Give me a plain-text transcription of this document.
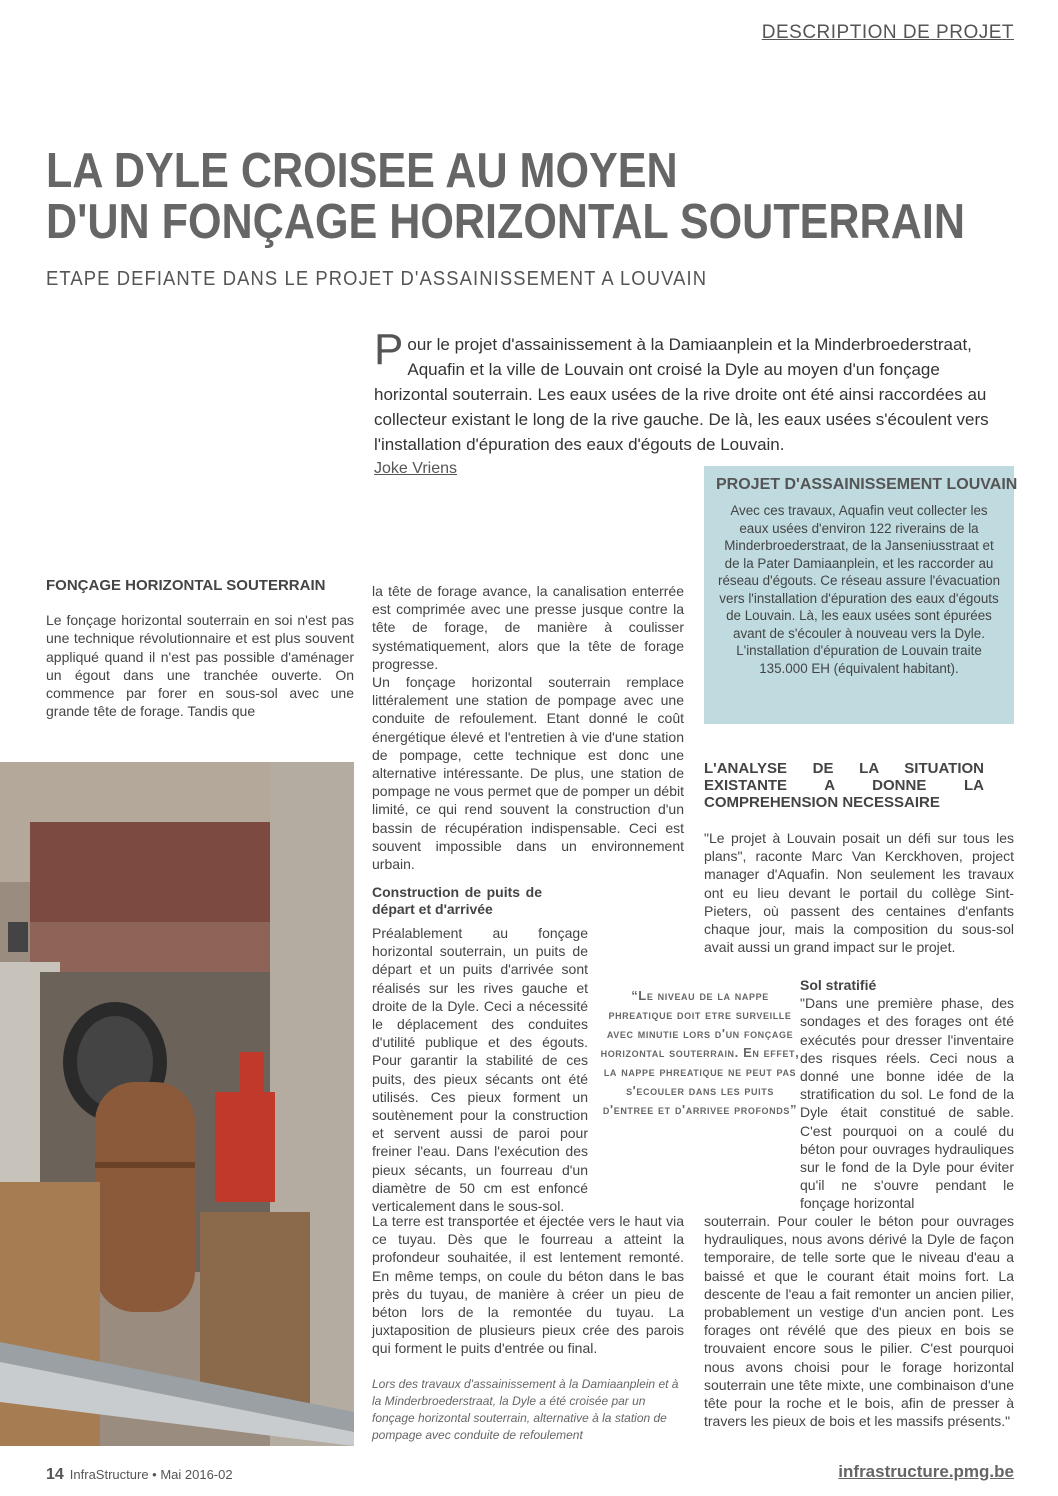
DESCRIPTION DE PROJET
LA DYLE CROISEE AU MOYEN
D'UN FONÇAGE HORIZONTAL SOUTERRAIN
ETAPE DEFIANTE DANS LE PROJET D'ASSAINISSEMENT A LOUVAIN
Pour le projet d'assainissement à la Damiaanplein et la Minderbroederstraat, Aquafin et la ville de Louvain ont croisé la Dyle au moyen d'un fonçage horizontal souterrain. Les eaux usées de la rive droite ont été ainsi raccordées au collecteur existant le long de la rive gauche. De là, les eaux usées s'écoulent vers l'installation d'épuration des eaux d'égouts de Louvain.
Joke Vriens
PROJET D'ASSAINISSEMENT LOUVAIN

Avec ces travaux, Aquafin veut collecter les eaux usées d'environ 122 riverains de la Minderbroederstraat, de la Janseniusstraat et de la Pater Damiaanplein, et les raccorder au réseau d'égouts. Ce réseau assure l'évacuation vers l'installation d'épuration des eaux d'égouts de Louvain. Là, les eaux usées sont épurées avant de s'écouler à nouveau vers la Dyle. L'installation d'épuration de Louvain traite 135.000 EH (équivalent habitant).

FONÇAGE HORIZONTAL SOUTERRAIN

Le fonçage horizontal souterrain en soi n'est pas une technique révolutionnaire et est plus souvent appliqué quand il n'est pas possible d'aménager un égout dans une tranchée ouverte. On commence par forer en sous-sol avec une grande tête de forage. Tandis que

la tête de forage avance, la canalisation enterrée est comprimée avec une presse jusque contre la tête de forage, de manière à coulisser systématiquement, alors que la tête de forage progresse.

Un fonçage horizontal souterrain remplace littéralement une station de pompage avec une conduite de refoulement. Etant donné le coût énergétique élevé et l'entretien à vie d'une station de pompage, cette technique est donc une alternative intéressante. De plus, une station de pompage ne vous permet que de pomper un débit limité, ce qui rend souvent la construction d'un bassin de récupération indispensable. Ceci est souvent impossible dans un environnement urbain.

Construction de puits de départ et d'arrivée

Préalablement au fonçage horizontal souterrain, un puits de départ et un puits d'arrivée sont réalisés sur les rives gauche et droite de la Dyle. Ceci a nécessité le déplacement des conduites d'utilité publique et des égouts. Pour garantir la stabilité de ces puits, des pieux sécants ont été utilisés. Ces pieux forment un soutènement pour la construction et servent aussi de paroi pour freiner l'eau. Dans l'exécution des pieux sécants, un fourreau d'un diamètre de 50 cm est enfoncé verticalement dans le sous-sol.

La terre est transportée et éjectée vers le haut via ce tuyau. Dès que le fourreau a atteint la profondeur souhaitée, il est lentement remonté. En même temps, on coule du béton dans le bas près du tuyau, de manière à créer un pieu de béton lors de la remontée du tuyau. La juxtaposition de plusieurs pieux crée des parois qui forment le puits d'entrée ou final.

Lors des travaux d'assainissement à la Damiaanplein et à la Minderbroederstraat, la Dyle a été croisée par un fonçage horizontal souterrain, alternative à la station de pompage avec conduite de refoulement
“Le niveau de la nappe phreatique doit etre surveille avec minutie lors d'un fonçage horizontal souterrain. En effet, la nappe phreatique ne peut pas s'ecouler dans les puits d'entree et d'arrivee profonds”
L'ANALYSE DE LA SITUATION EXISTANTE A DONNE LA COMPREHENSION NECESSAIRE

"Le projet à Louvain posait un défi sur tous les plans", raconte Marc Van Kerckhoven, project manager d'Aquafin. Non seulement les travaux ont eu lieu devant le portail du collège Sint-Pieters, où passent des centaines d'enfants chaque jour, mais la composition du sous-sol avait aussi un grand impact sur le projet.

Sol stratifié

"Dans une première phase, des sondages et des forages ont été exécutés pour dresser l'inventaire des risques réels. Ceci nous a donné une bonne idée de la stratification du sol. Le fond de la Dyle était constitué de sable. C'est pourquoi on a coulé du béton pour ouvrages hydrauliques sur le fond de la Dyle pour éviter qu'il ne s'ouvre pendant le fonçage horizontal

souterrain. Pour couler le béton pour ouvrages hydrauliques, nous avons dérivé la Dyle de façon temporaire, de telle sorte que le niveau d'eau a baissé et que le courant était moins fort. La descente de l'eau a fait remonter un ancien pilier, probablement un vestige d'un ancien pont. Les forages ont révélé que des pieux en bois se trouvaient encore sous le pilier. C'est pourquoi nous avons choisi pour le forage horizontal souterrain une tête mixte, une combinaison d'une tête pour la roche et le bois, afin de presser à travers les pieux de bois et les massifs présents."

14 InfraStructure • Mai 2016-02	infrastructure.pmg.be
